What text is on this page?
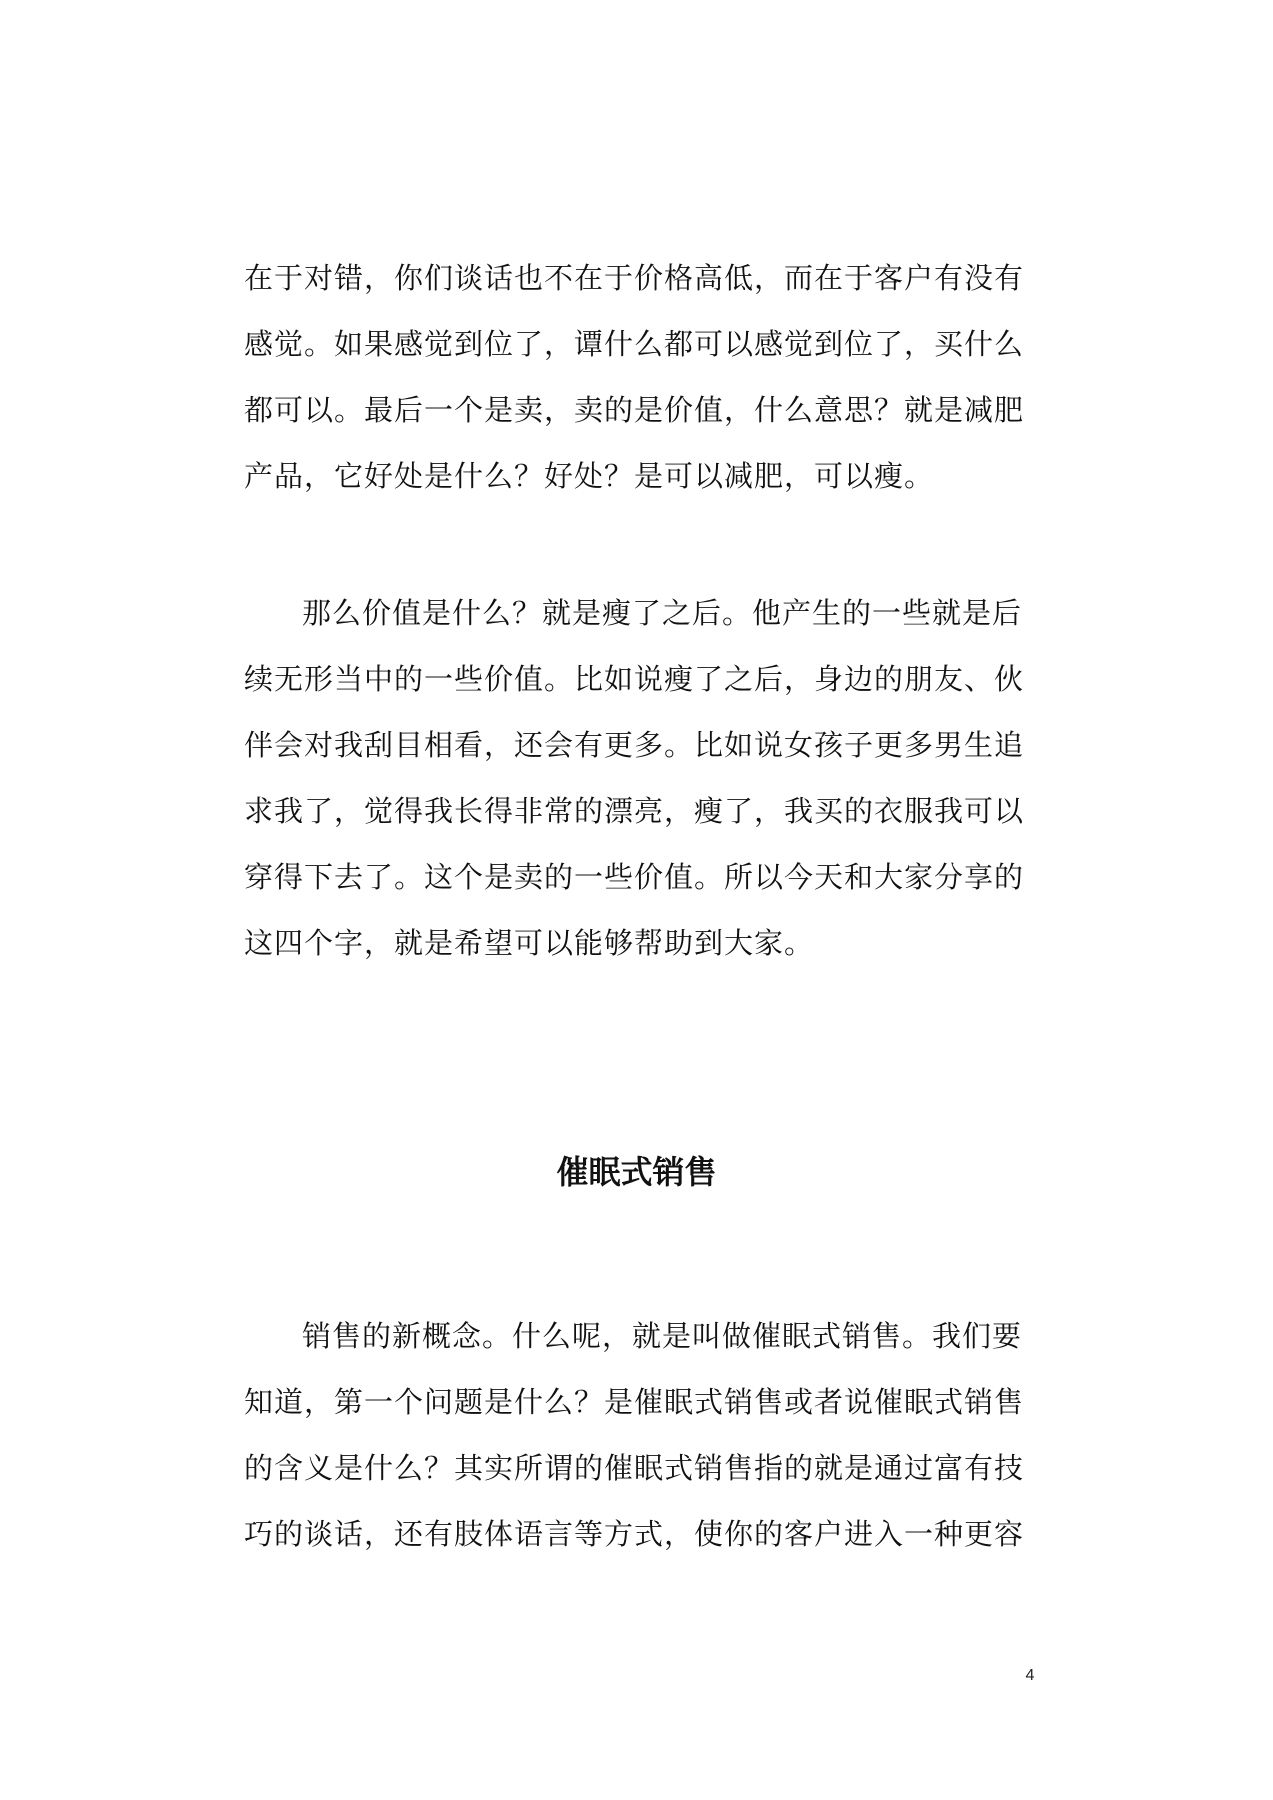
在于对错，你们谈话也不在于价格高低，而在于客户有没有
感觉。如果感觉到位了，谭什么都可以感觉到位了，买什么
都可以。最后一个是卖，卖的是价值，什么意思？就是减肥
产品，它好处是什么？好处？是可以减肥，可以瘦。
那么价值是什么？就是瘦了之后。他产生的一些就是后
续无形当中的一些价值。比如说瘦了之后，身边的朋友、伙
伴会对我刮目相看，还会有更多。比如说女孩子更多男生追
求我了，觉得我长得非常的漂亮，瘦了，我买的衣服我可以
穿得下去了。这个是卖的一些价值。所以今天和大家分享的
这四个字，就是希望可以能够帮助到大家。
催眠式销售
销售的新概念。什么呢，就是叫做催眠式销售。我们要
知道，第一个问题是什么？是催眠式销售或者说催眠式销售
的含义是什么？其实所谓的催眠式销售指的就是通过富有技
巧的谈话，还有肢体语言等方式，使你的客户进入一种更容
4
